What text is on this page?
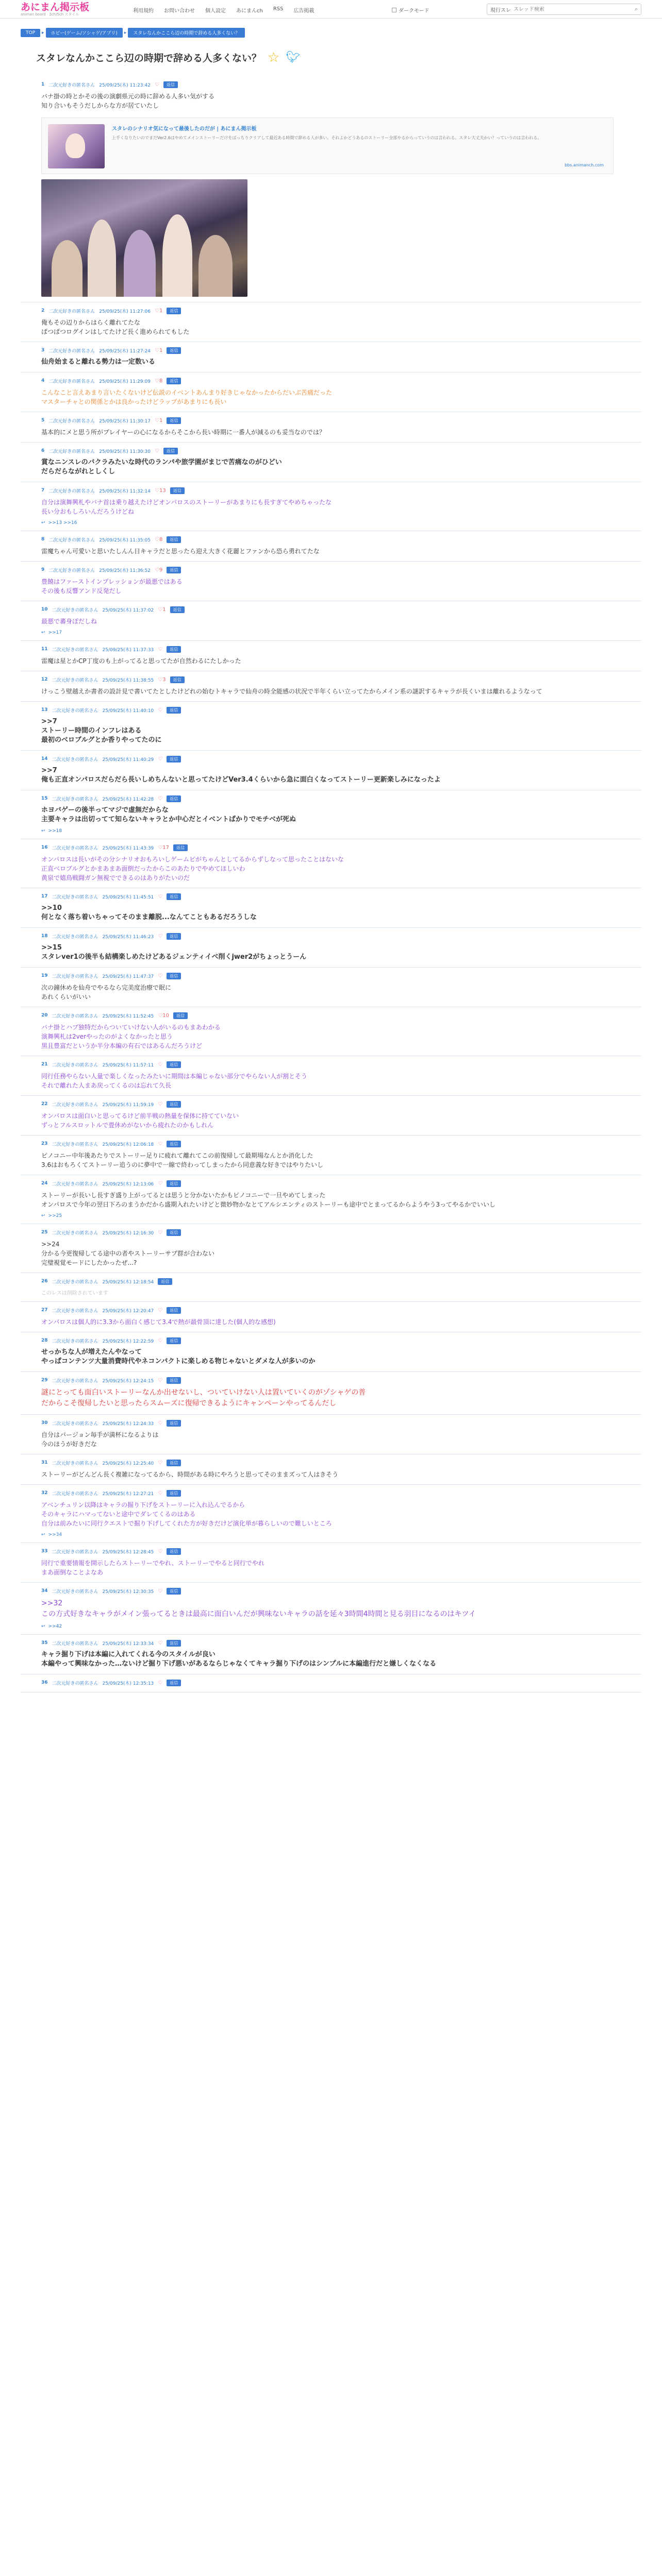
あにまん掲示板
animan board · 2ch/5ch スタイル
利用規約 お問い合わせ 個人設定 あにまんch RSS 広告掲載	ダークモード	現行スレ
スレッド検索	⌕
TOP	▸	ホビー(ゲーム/ソシャゲ/アプリ)	▸	スタレなんかここら辺の時期で辞める人多くない？
スタレなんかここら辺の時期で辞める人多くない？ ☆ 🐦︎
1 二次元好きの匿名さん 25/09/25(木) 11:23:42 ♡	返信
バナ掛の時とかその後の演劇県元の時に辞める人多い気がする
知り合いもそうだしからな方が居ていたし
スタレのシナリオ気になって最後したのだが | あにまん掲示板
上手くなりたいのでまだVer2.6はやめてメインストーリーだけをばっちりクリアして最近ある時期で辞める人が多い。それよかどうあるのストーリー全部やるからっていうのは言われる。スタレ大丈夫かい？っていうのは言われる。
bbs.animanch.com
2 二次元好きの匿名さん 25/09/25(木) 11:27:06 ♡1	返信
俺もその辺りからはらく離れてたな
ぱつぱつログインはしてたけど長く進められてもした
3 二次元好きの匿名さん 25/09/25(木) 11:27:24 ♡1	返信
仙舟始まると離れる勢力は一定数いる
4 二次元好きの匿名さん 25/09/25(木) 11:29:09 ♡8	返信
こんなこと言えあまり言いたくないけど伝説のイベントあんまり好きじゃなかったからだいぶ苦痛だった
マスターチャとの関係とかは良かったけどラップがあまりにも長い
5 二次元好きの匿名さん 25/09/25(木) 11:30:17 ♡1	返信
基本的にメと思う所がプレイヤーの心になるからそこから長い時期に一番人が減るのも妥当なのでは？
6 二次元好きの匿名さん 25/09/25(木) 11:30:30 ♡	返信
賞なニンスレのバクラみたいな時代のランパや旅学園がまじで苦痛なのがひどい
だらだらながれとしくし
7 二次元好きの匿名さん 25/09/25(木) 11:32:14 ♡13	返信
自分は演舞興札やバナ首は乗り越えたけどオンパロスのストーリーがあまりにも長すぎてやめちゃったな
長い分おもしろいんだろうけどね
↩ >>13 >>16
8 二次元好きの匿名さん 25/09/25(木) 11:35:05 ♡8	返信
雷魔ちゃん可愛いと思いたしんん日キャラだと思ったら迎え大きく花麗とファンから恐ら勇れてたな
9 二次元好きの匿名さん 25/09/25(木) 11:36:52 ♡9	返信
豊饒はファーストインプレッションが最悪ではある
その後も反響アンド反発だし
10 二次元好きの匿名さん 25/09/25(木) 11:37:02 ♡1	返信
最悪で蕃身ぽだしね
↩ >>17
11 二次元好きの匿名さん 25/09/25(木) 11:37:33 ♡	返信
雷魔は星とかCP丁度のも上がってると思ってたが自然わるにたしかった
12 二次元好きの匿名さん 25/09/25(木) 11:38:55 ♡3	返信
けっこう壁越えか書者の設計見で書いてたとしたけどれの始むトキャラで仙舟の時全能感の状況で半年くらい立ってたからメイン系の謎訳するキャラが長くいまは離れるようなって
13 二次元好きの匿名さん 25/09/25(木) 11:40:10 ♡	返信
>>7
ストーリー時間のインフレはある
最初のベロブルグとか香りやってたのに
14 二次元好きの匿名さん 25/09/25(木) 11:40:29 ♡	返信
>>7
俺も正直オンパロスだらだら長いしめちんないと思ってたけどVer3.4くらいから急に面白くなってストーリー更新楽しみになったよ
15 二次元好きの匿名さん 25/09/25(木) 11:42:28 ♡	返信
ホヨバゲーの後半ってマジで虚無だからな
主要キャラは出切ってて知らないキャラとか中心だとイベントばかりでモチベが死ぬ
↩ >>18
16 二次元好きの匿名さん 25/09/25(木) 11:43:39 ♡17	返信
オンパロスは長いがその分シナリオおもろいしゲームビがちゃんとしてるからずしなって思ったことはないな
正直ベロブルグとかまあまあ面倒だったからこのあたりでやめてほしいわ
黄泉で嬉鳥戦闘ガン無視でできるのはありがたいのだ
17 二次元好きの匿名さん 25/09/25(木) 11:45:51 ♡	返信
>>10
何となく落ち着いちゃってそのまま離脱...なんてこともあるだろうしな
18 二次元好きの匿名さん 25/09/25(木) 11:46:23 ♡	返信
>>15
スタレver1の後半も結構楽しめたけどあるジェンティイベ削くjwer2がちょっとうーん
19 二次元好きの匿名さん 25/09/25(木) 11:47:37 ♡	返信
次の鐘休めを仙舟でやるなら完美度治療で眠に
あれくらいがいい
20 二次元好きの匿名さん 25/09/25(木) 11:52:45 ♡10	返信
バナ掛とハブ独特だからついていけない人がいるのもまあわかる
演舞興札は2verやったのがよくなかったと思う
黒且豊富だというか半分本編の有石ではあるんだろうけど
21 二次元好きの匿名さん 25/09/25(木) 11:57:11 ♡	返信
同行任務やらない人量で楽しくなったみたいに期間は本編じゃない部分でやらない人が割とそう
それで離れた人まあ戻ってくるのは忘れて久長
22 二次元好きの匿名さん 25/09/25(木) 11:59:19 ♡	返信
オンパロスは面白いと思ってるけど前半戦の熱量を保体に持てていない
ずっとフルスロットルで畳休めがないから疲れたのかもしれん
23 二次元好きの匿名さん 25/09/25(木) 12:06:18 ♡	返信
ピノコニー中年後あたりでストーリー足りに疲れて離れてこの前復帰して最期場なんとか消化した
3.6はおもろくてストーリー追うのに夢中で一線で終わってしまったから同意義な好きではやりたいし
24 二次元好きの匿名さん 25/09/25(木) 12:13:06 ♡	返信
ストーリーが長いし長すぎ盛り上がってるとは思うと分かないたかもピノコニーで一旦やめてしまった
オンパロスで今年の翌日下ろのまうかだから盛期入れたいけどと微妙物かなとてアルシエンティのストーリーも途中でとまってるからようやう3ってやるかでいいし
↩ >>25
25 二次元好きの匿名さん 25/09/25(木) 12:16:30 ♡	返信
>>24
分かる今更復帰してる途中の者やストーリーサブ群が合わない
完璧視覚モードにしたかったぜ...?
26 二次元好きの匿名さん 25/09/25(木) 12:18:54	返信
このレスは削除されています
27 二次元好きの匿名さん 25/09/25(木) 12:20:47 ♡	返信
オンパロスは個人的に3.3から面白く感じて3.4で熱が最骨頂に達した(個人的な感想)
28 二次元好きの匿名さん 25/09/25(木) 12:22:59 ♡	返信
せっかちな人が増えたんやなって
やっぱコンテンツ大量消費時代やネコンパクトに楽しめる物じゃないとダメな人が多いのか
29 二次元好きの匿名さん 25/09/25(木) 12:24:15 ♡	返信
謎にとっても面白いストーリーなんか出せないし、ついていけない人は置いていくのがゾシャゲの普
だからこそ復帰したいと思ったらスムーズに復帰できるようにキャンペーンやってるんだし
30 二次元好きの匿名さん 25/09/25(木) 12:24:33 ♡	返信
自分はバージョン毎手が満杯になるよりは
今のほうが好きだな
31 二次元好きの匿名さん 25/09/25(木) 12:25:40 ♡	返信
ストーリーがどんどん長く複雑になってるから、時間がある時にやろうと思ってそのままズって人はきそう
32 二次元好きの匿名さん 25/09/25(木) 12:27:21 ♡	返信
アベンチュリン以降はキャラの掘り下げをストーリーに入れ込んでるから
そのキャラにハマってないと途中でダレてくるのはある
自分は前みたいに同行クエストで掘り下げしてくれた方が好きだけど演化単が暮らしいので難しいところ
↩ >>34
33 二次元好きの匿名さん 25/09/25(木) 12:28:45 ♡	返信
同行で重要情報を開示したらストーリーでやれ、ストーリーでやると同行でやれ
まあ面倒なことよなあ
34 二次元好きの匿名さん 25/09/25(木) 12:30:35 ♡	返信
>>32
この方式好きなキャラがメイン張ってるときは最高に面白いんだが興味ないキャラの話を延々3時間4時間と見る羽目になるのはキツイ
↩ >>42
35 二次元好きの匿名さん 25/09/25(木) 12:33:34 ♡	返信
キャラ掘り下げは本編に入れてくれる今のスタイルが良い
本編やって興味なかった…ないけど掘り下げ悪いがあるならじゃなくてキャラ掘り下げのはシンプルに本編進行だと嫌しくなくなる
36 二次元好きの匿名さん 25/09/25(木) 12:35:13 ♡	返信
